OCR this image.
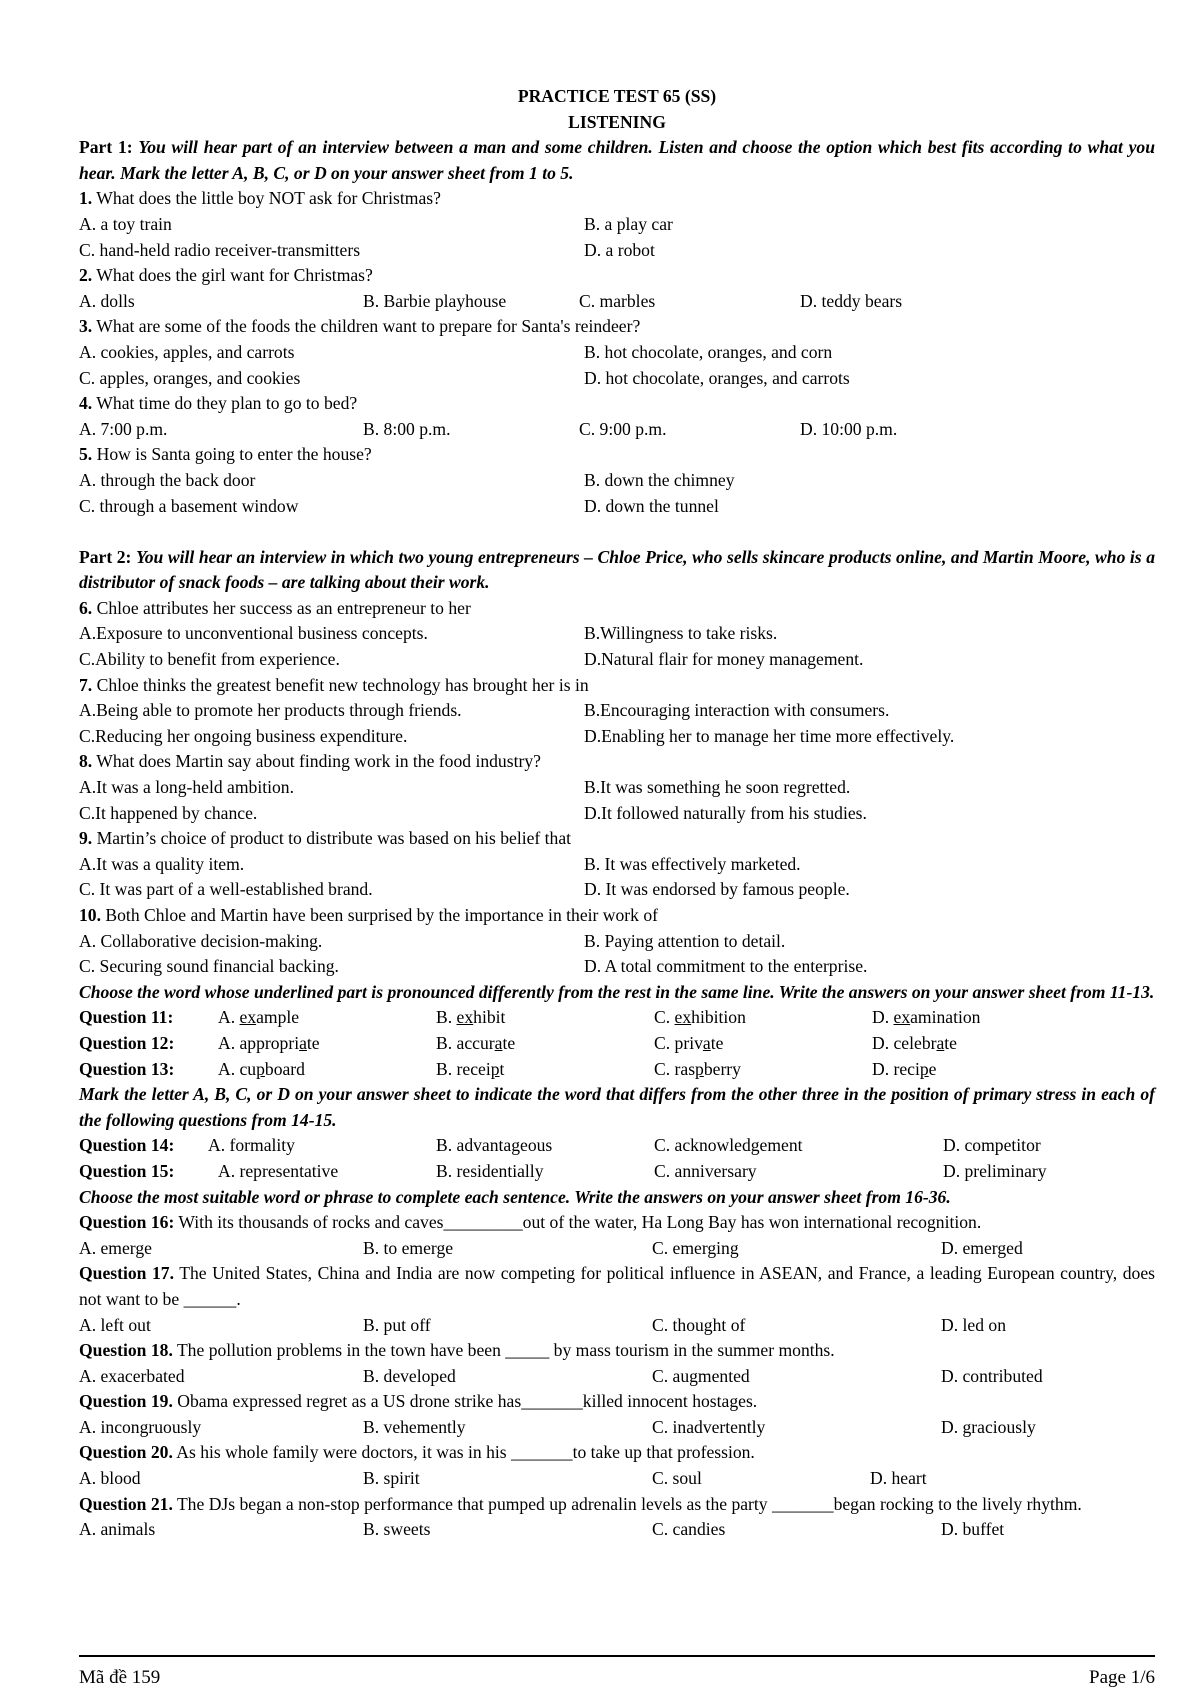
PRACTICE TEST 65 (SS)
LISTENING
Part 1: You will hear part of an interview between a man and some children. Listen and choose the option which best fits according to what you hear. Mark the letter A, B, C, or D on your answer sheet from 1 to 5.
1. What does the little boy NOT ask for Christmas?
A. a toy train	B. a play car
C. hand-held radio receiver-transmitters	D. a robot
2. What does the girl want for Christmas?
A. dolls	B. Barbie playhouse	C. marbles	D. teddy bears
3. What are some of the foods the children want to prepare for Santa's reindeer?
A. cookies, apples, and carrots	B. hot chocolate, oranges, and corn
C. apples, oranges, and cookies	D. hot chocolate, oranges, and carrots
4. What time do they plan to go to bed?
A. 7:00 p.m.	B. 8:00 p.m.	C. 9:00 p.m.	D. 10:00 p.m.
5. How is Santa going to enter the house?
A. through the back door	B. down the chimney
C. through a basement window	D. down the tunnel
Part 2: You will hear an interview in which two young entrepreneurs – Chloe Price, who sells skincare products online, and Martin Moore, who is a distributor of snack foods – are talking about their work.
6. Chloe attributes her success as an entrepreneur to her
A.Exposure to unconventional business concepts.	B.Willingness to take risks.
C.Ability to benefit from experience.	D.Natural flair for money management.
7. Chloe thinks the greatest benefit new technology has brought her is in
A.Being able to promote her products through friends.	B.Encouraging interaction with consumers.
C.Reducing her ongoing business expenditure.	D.Enabling her to manage her time more effectively.
8. What does Martin say about finding work in the food industry?
A.It was a long-held ambition.	B.It was something he soon regretted.
C.It happened by chance.	D.It followed naturally from his studies.
9. Martin’s choice of product to distribute was based on his belief that
A.It was a quality item.	B. It was effectively marketed.
C. It was part of a well-established brand.	D. It was endorsed by famous people.
10. Both Chloe and Martin have been surprised by the importance in their work of
A. Collaborative decision-making.	B. Paying attention to detail.
C. Securing sound financial backing.	D. A total commitment to the enterprise.
Choose the word whose underlined part is pronounced differently from the rest in the same line. Write the answers on your answer sheet from 11-13.
Question 11:	A. example	B. exhibit	C. exhibition	D. examination
Question 12:	A. appropriate	B. accurate	C. private	D. celebrate
Question 13:	A. cupboard	B. receipt	C. raspberry	D. recipe
Mark the letter A, B, C, or D on your answer sheet to indicate the word that differs from the other three in the position of primary stress in each of the following questions from 14-15.
Question 14:	A. formality	B. advantageous	C. acknowledgement	D. competitor
Question 15:	A. representative	B. residentially	C. anniversary	D. preliminary
Choose the most suitable word or phrase to complete each sentence. Write the answers on your answer sheet from 16-36.
Question 16: With its thousands of rocks and caves_________out of the water, Ha Long Bay has won international recognition.
A. emerge	B. to emerge	C. emerging	D. emerged
Question 17. The United States, China and India are now competing for political influence in ASEAN, and France, a leading European country, does not want to be ______.
A. left out	B. put off	C. thought of	D. led on
Question 18. The pollution problems in the town have been _____ by mass tourism in the summer months.
A. exacerbated	B. developed	C. augmented	D. contributed
Question 19. Obama expressed regret as a US drone strike has_______killed innocent hostages.
A. incongruously	B. vehemently	C. inadvertently	D. graciously
Question 20. As his whole family were doctors, it was in his _______to take up that profession.
A. blood	B. spirit	C. soul	D. heart
Question 21. The DJs began a non-stop performance that pumped up adrenalin levels as the party _______began rocking to the lively rhythm.
A. animals	B. sweets	C. candies	D. buffet
Mã đề 159	Page 1/6
